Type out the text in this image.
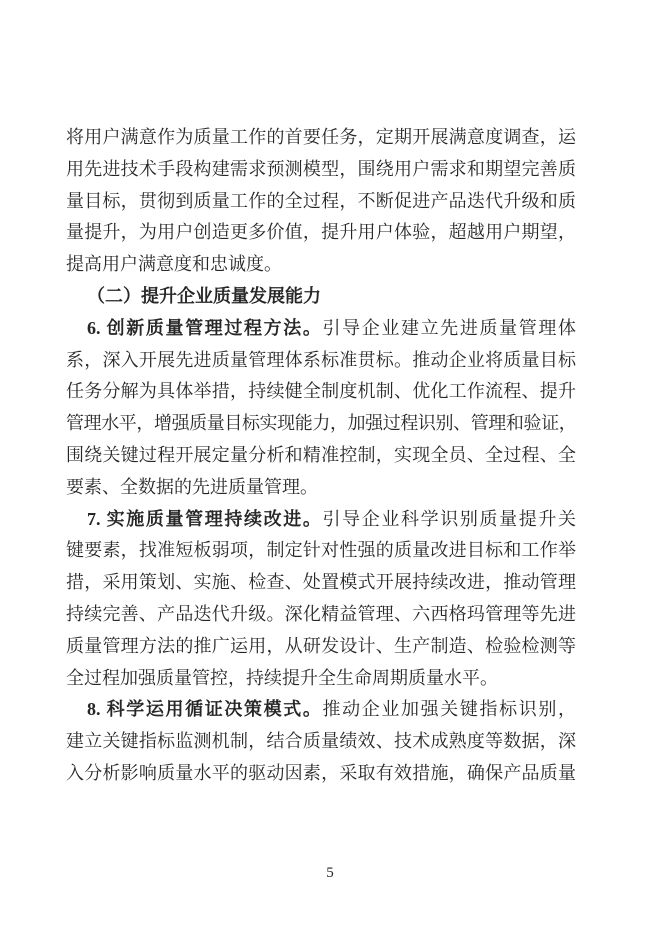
将用户满意作为质量工作的首要任务，定期开展满意度调查，运
用先进技术手段构建需求预测模型，围绕用户需求和期望完善质
量目标，贯彻到质量工作的全过程，不断促进产品迭代升级和质
量提升，为用户创造更多价值，提升用户体验，超越用户期望，
提高用户满意度和忠诚度。
（二）提升企业质量发展能力
6. 创新质量管理过程方法。引导企业建立先进质量管理体
系，深入开展先进质量管理体系标准贯标。推动企业将质量目标
任务分解为具体举措，持续健全制度机制、优化工作流程、提升
管理水平，增强质量目标实现能力，加强过程识别、管理和验证，
围绕关键过程开展定量分析和精准控制，实现全员、全过程、全
要素、全数据的先进质量管理。
7. 实施质量管理持续改进。引导企业科学识别质量提升关
键要素，找准短板弱项，制定针对性强的质量改进目标和工作举
措，采用策划、实施、检查、处置模式开展持续改进，推动管理
持续完善、产品迭代升级。深化精益管理、六西格玛管理等先进
质量管理方法的推广运用，从研发设计、生产制造、检验检测等
全过程加强质量管控，持续提升全生命周期质量水平。
8. 科学运用循证决策模式。推动企业加强关键指标识别，
建立关键指标监测机制，结合质量绩效、技术成熟度等数据，深
入分析影响质量水平的驱动因素，采取有效措施，确保产品质量
5
